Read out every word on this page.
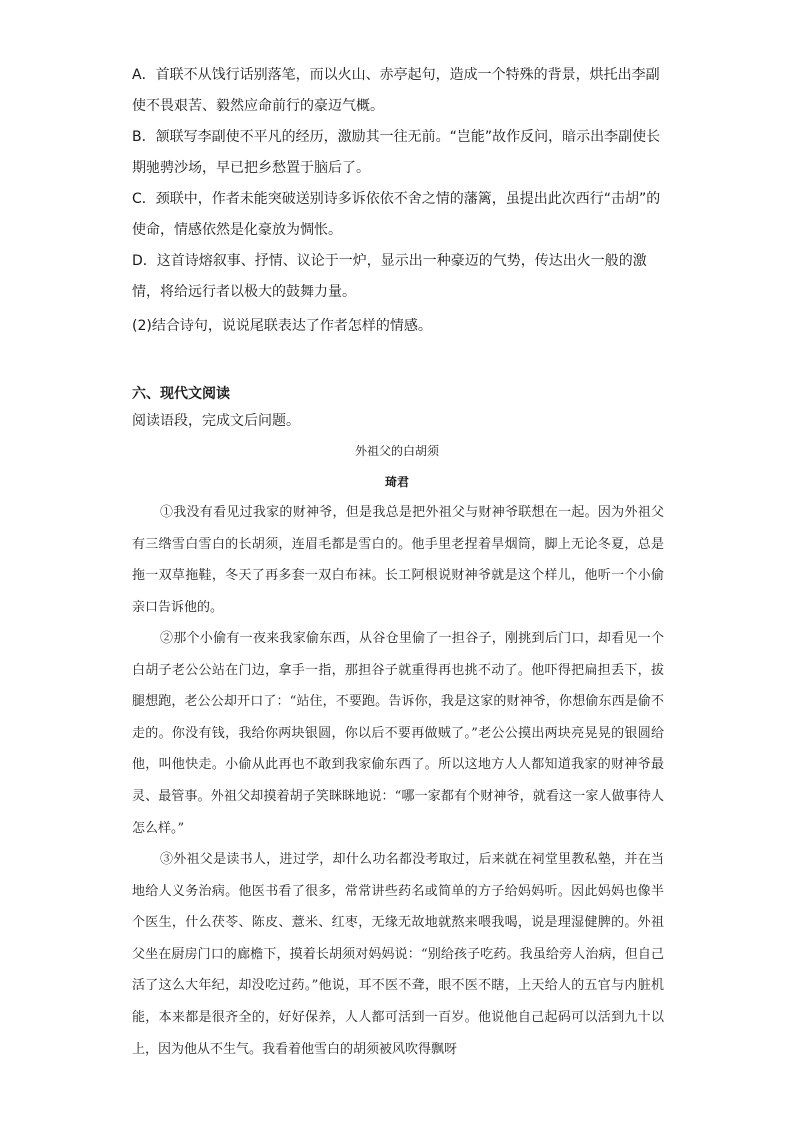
A．首联不从饯行话别落笔，而以火山、赤亭起句，造成一个特殊的背景，烘托出李副使不畏艰苦、毅然应命前行的豪迈气概。

B．颔联写李副使不平凡的经历，激励其一往无前。“岂能”故作反问，暗示出李副使长期驰骋沙场，早已把乡愁置于脑后了。

C．颈联中，作者未能突破送别诗多诉依依不舍之情的藩篱，虽提出此次西行“击胡”的使命，情感依然是化豪放为惆怅。

D．这首诗熔叙事、抒情、议论于一炉，显示出一种豪迈的气势，传达出火一般的激情，将给远行者以极大的鼓舞力量。

(2)结合诗句，说说尾联表达了作者怎样的情感。

六、现代文阅读

阅读语段，完成文后问题。

外祖父的白胡须

琦君

①我没有看见过我家的财神爷，但是我总是把外祖父与财神爷联想在一起。因为外祖父有三绺雪白雪白的长胡须，连眉毛都是雪白的。他手里老捏着旱烟筒，脚上无论冬夏，总是拖一双草拖鞋，冬天了再多套一双白布袜。长工阿根说财神爷就是这个样儿，他听一个小偷亲口告诉他的。

②那个小偷有一夜来我家偷东西，从谷仓里偷了一担谷子，刚挑到后门口，却看见一个白胡子老公公站在门边，拿手一指，那担谷子就重得再也挑不动了。他吓得把扁担丢下，拔腿想跑，老公公却开口了：“站住，不要跑。告诉你，我是这家的财神爷，你想偷东西是偷不走的。你没有钱，我给你两块银圆，你以后不要再做贼了。”老公公摸出两块亮晃晃的银圆给他，叫他快走。小偷从此再也不敢到我家偷东西了。所以这地方人人都知道我家的财神爷最灵、最管事。外祖父却摸着胡子笑眯眯地说：“哪一家都有个财神爷，就看这一家人做事待人怎么样。”

③外祖父是读书人，进过学，却什么功名都没考取过，后来就在祠堂里教私塾，并在当地给人义务治病。他医书看了很多，常常讲些药名或简单的方子给妈妈听。因此妈妈也像半个医生，什么茯苓、陈皮、薏米、红枣，无缘无故地就熬来喂我喝，说是理湿健脾的。外祖父坐在厨房门口的廊檐下，摸着长胡须对妈妈说：“别给孩子吃药。我虽给旁人治病，但自己活了这么大年纪，却没吃过药。”他说，耳不医不聋，眼不医不瞎，上天给人的五官与内脏机能，本来都是很齐全的，好好保养，人人都可活到一百岁。他说他自己起码可以活到九十以上，因为他从不生气。我看着他雪白的胡须被风吹得飘呀
